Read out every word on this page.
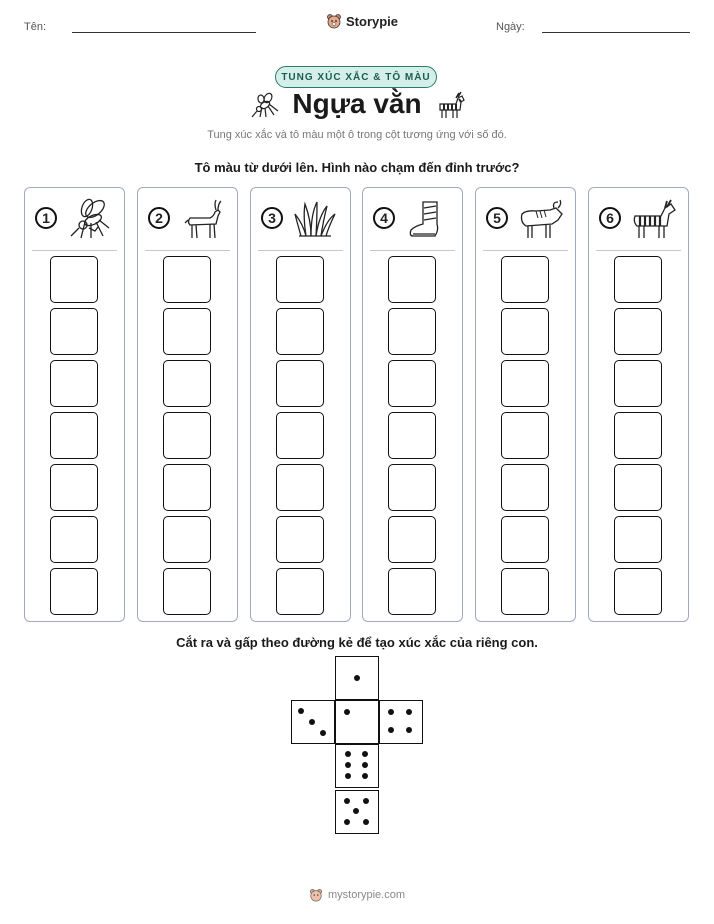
Tên:	Storypie	Ngày:
TUNG XÚC XẮC & TÔ MÀU
Ngựa vằn
Tung xúc xắc và tô màu một ô trong cột tương ứng với số đó.
Tô màu từ dưới lên. Hình nào chạm đến đỉnh trước?
1	2	3	4	5	6
Cắt ra và gấp theo đường kẻ để tạo xúc xắc của riêng con.
mystorypie.com
